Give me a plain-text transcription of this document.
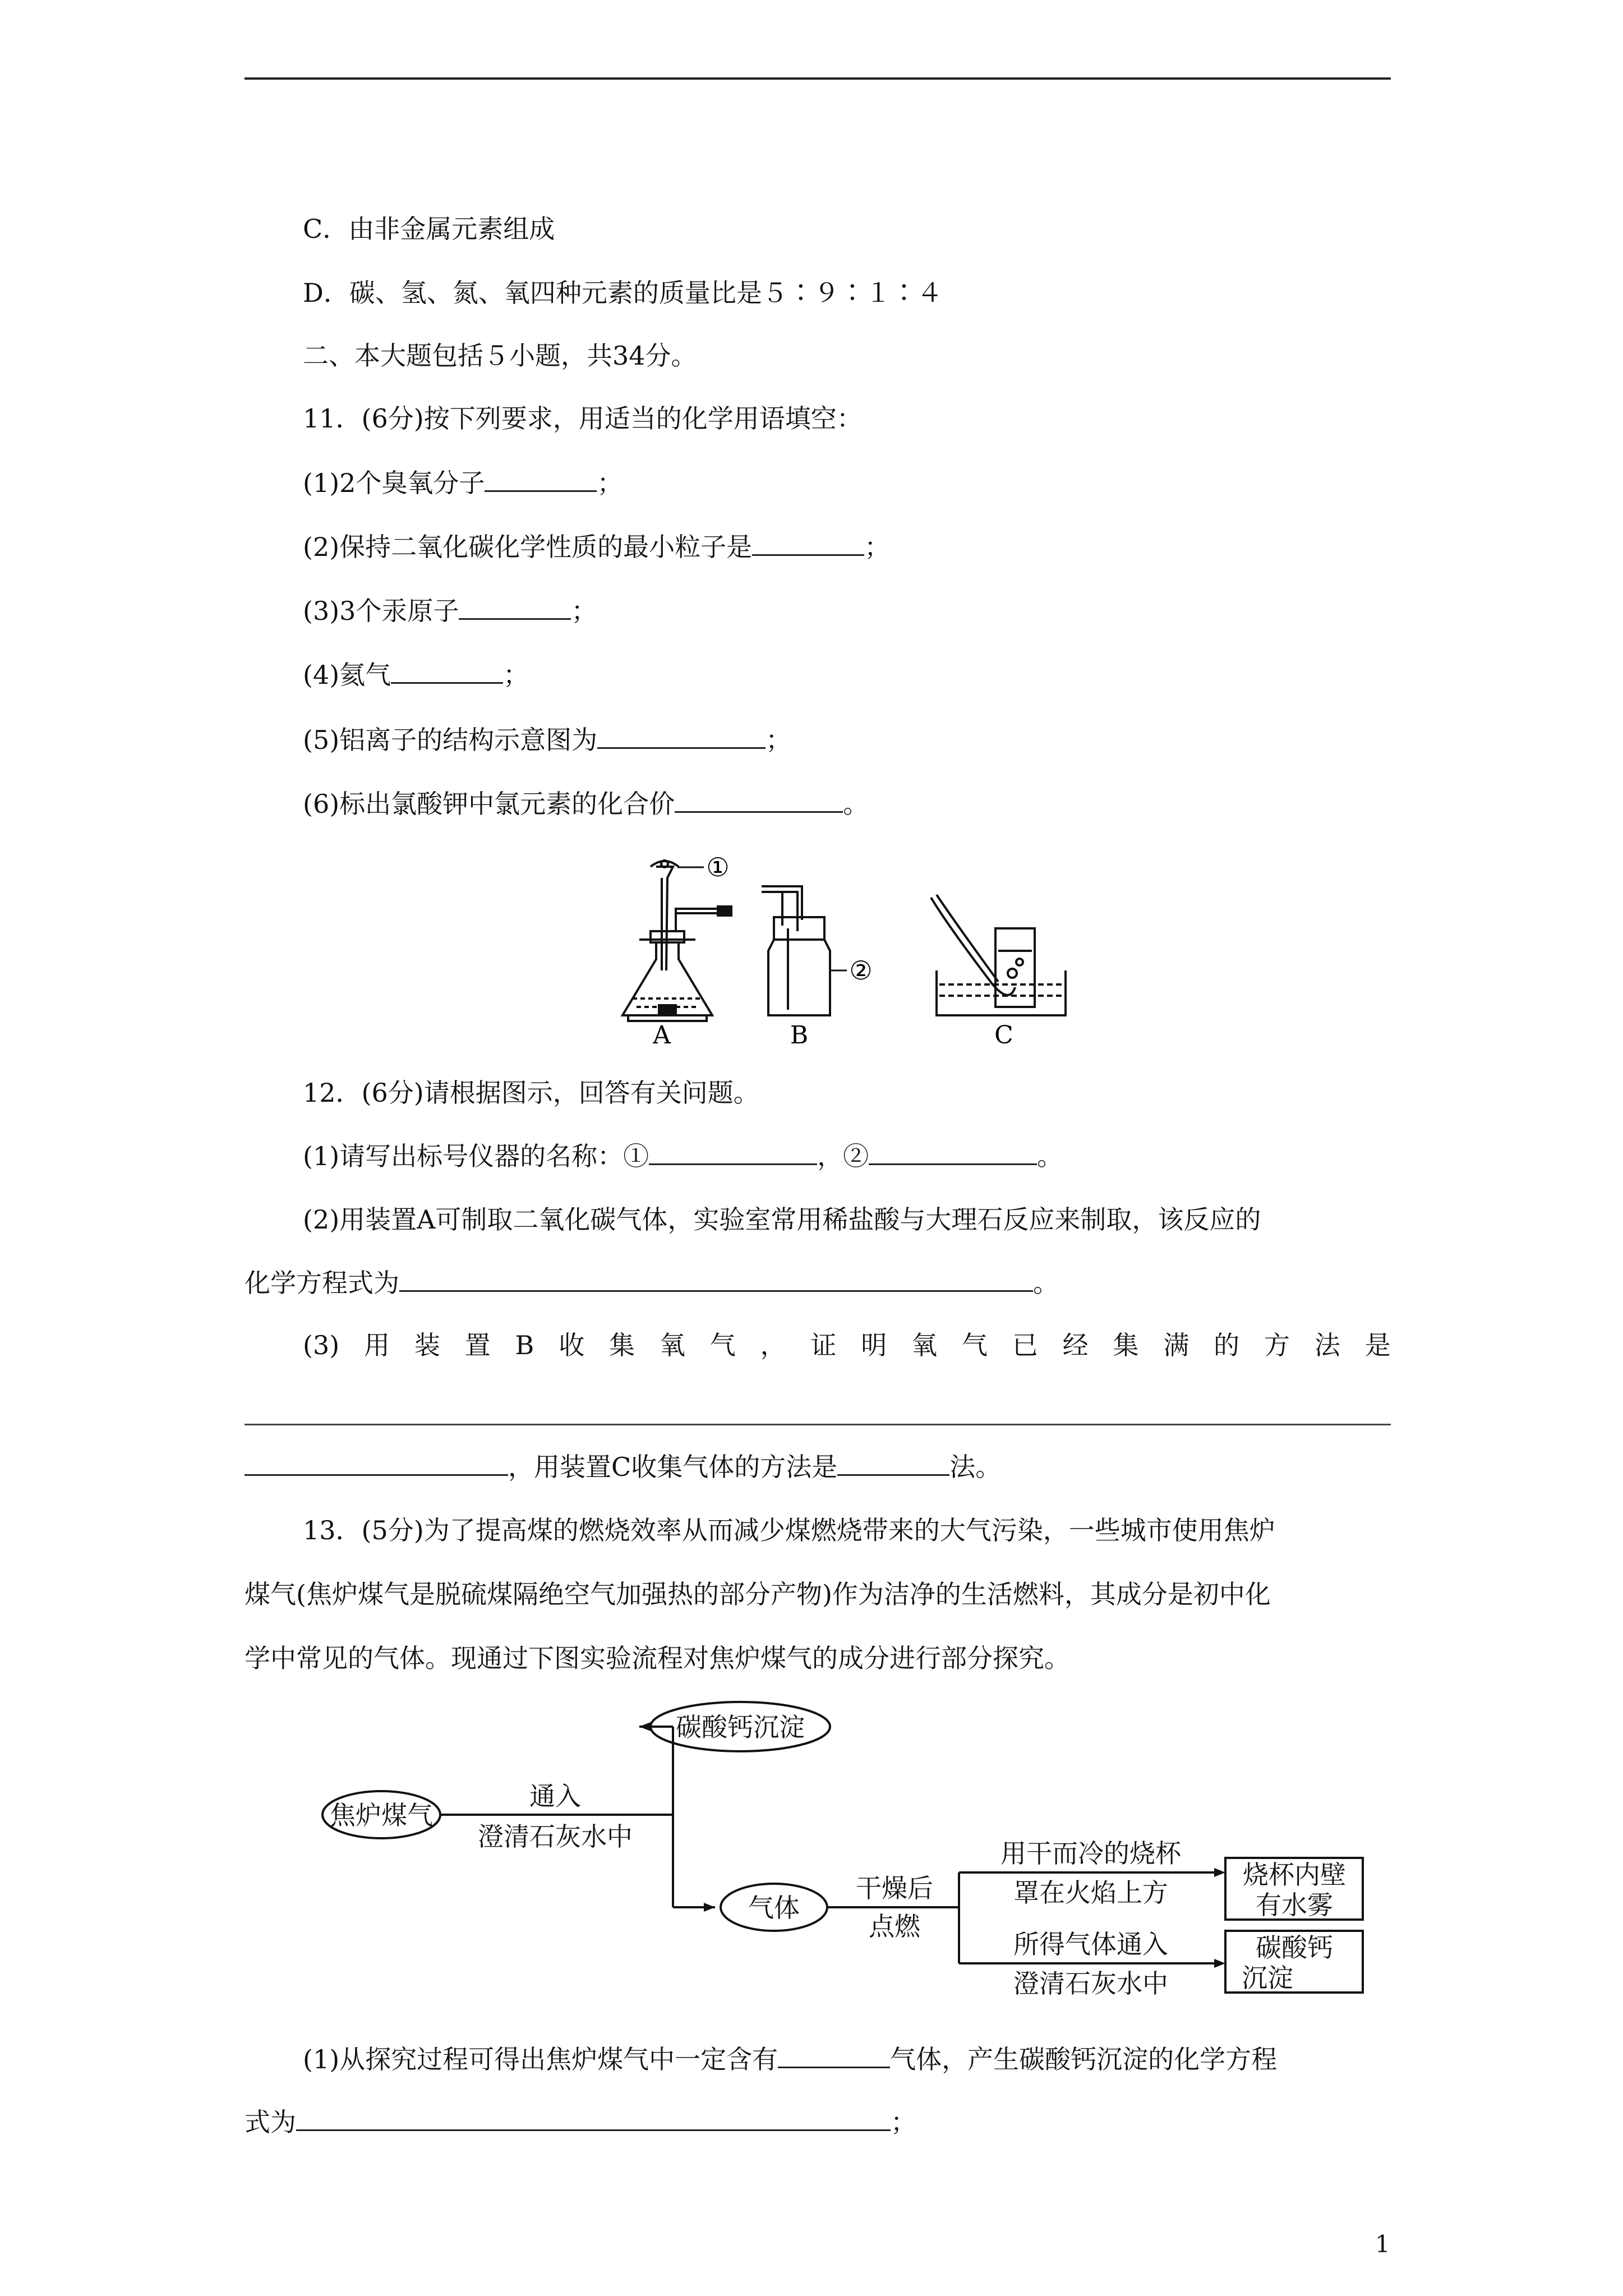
C．由非金属元素组成
D．碳、氢、氮、氧四种元素的质量比是５∶９∶１∶４
二、本大题包括５小题，共34分。
11．(6分)按下列要求，用适当的化学用语填空：
(1)2个臭氧分子	；
(2)保持二氧化碳化学性质的最小粒子是	；
(3)3个汞原子	；
(4)氦气	；
(5)铝离子的结构示意图为	；
(6)标出氯酸钾中氯元素的化合价	。
①
A
②
B	C
12．(6分)请根据图示，回答有关问题。
(1)请写出标号仪器的名称：①	，②	。
(2)用装置A可制取二氧化碳气体，实验室常用稀盐酸与大理石反应来制取，该反应的
化学方程式为	。
(3) 用 装 置 B 收 集 氧 气 ， 证 明 氧 气 已 经 集 满 的 方 法 是
，用装置C收集气体的方法是	法。
13．(5分)为了提高煤的燃烧效率从而减少煤燃烧带来的大气污染，一些城市使用焦炉
煤气(焦炉煤气是脱硫煤隔绝空气加强热的部分产物)作为洁净的生活燃料，其成分是初中化
学中常见的气体。现通过下图实验流程对焦炉煤气的成分进行部分探究。
焦炉煤气
碳酸钙沉淀
气体
通入
澄清石灰水中
干燥后
点燃
用干而冷的烧杯
罩在火焰上方
所得气体通入
澄清石灰水中
烧杯内壁
有水雾
碳酸钙
沉淀
(1)从探究过程可得出焦炉煤气中一定含有	气体，产生碳酸钙沉淀的化学方程
式为	；
1
